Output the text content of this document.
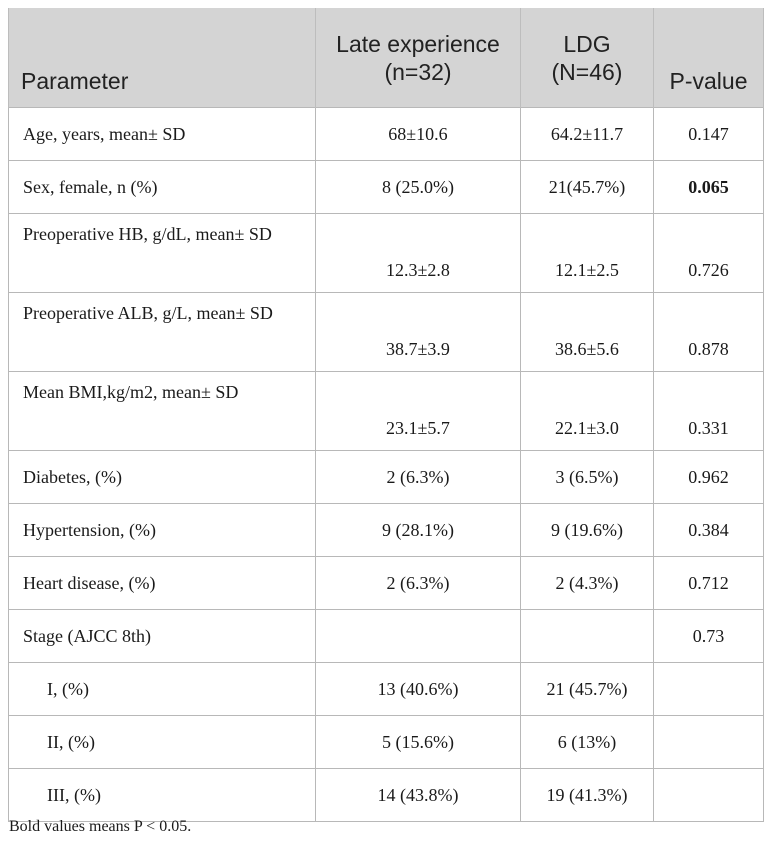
Parameter	Late experience (n=32)	LDG (N=46)	P-value
Age, years, mean± SD	68±10.6	64.2±11.7	0.147
Sex, female, n (%)	8 (25.0%)	21(45.7%)	0.065
Preoperative HB, g/dL, mean± SD	12.3±2.8	12.1±2.5	0.726
Preoperative ALB, g/L, mean± SD	38.7±3.9	38.6±5.6	0.878
Mean BMI,kg/m2, mean± SD	23.1±5.7	22.1±3.0	0.331
Diabetes, (%)	2 (6.3%)	3 (6.5%)	0.962
Hypertension, (%)	9 (28.1%)	9 (19.6%)	0.384
Heart disease, (%)	2 (6.3%)	2 (4.3%)	0.712
Stage (AJCC 8th)			0.73
I, (%)	13 (40.6%)	21 (45.7%)	
II, (%)	5 (15.6%)	6 (13%)	
III, (%)	14 (43.8%)	19 (41.3%)	
Bold values means P < 0.05.
